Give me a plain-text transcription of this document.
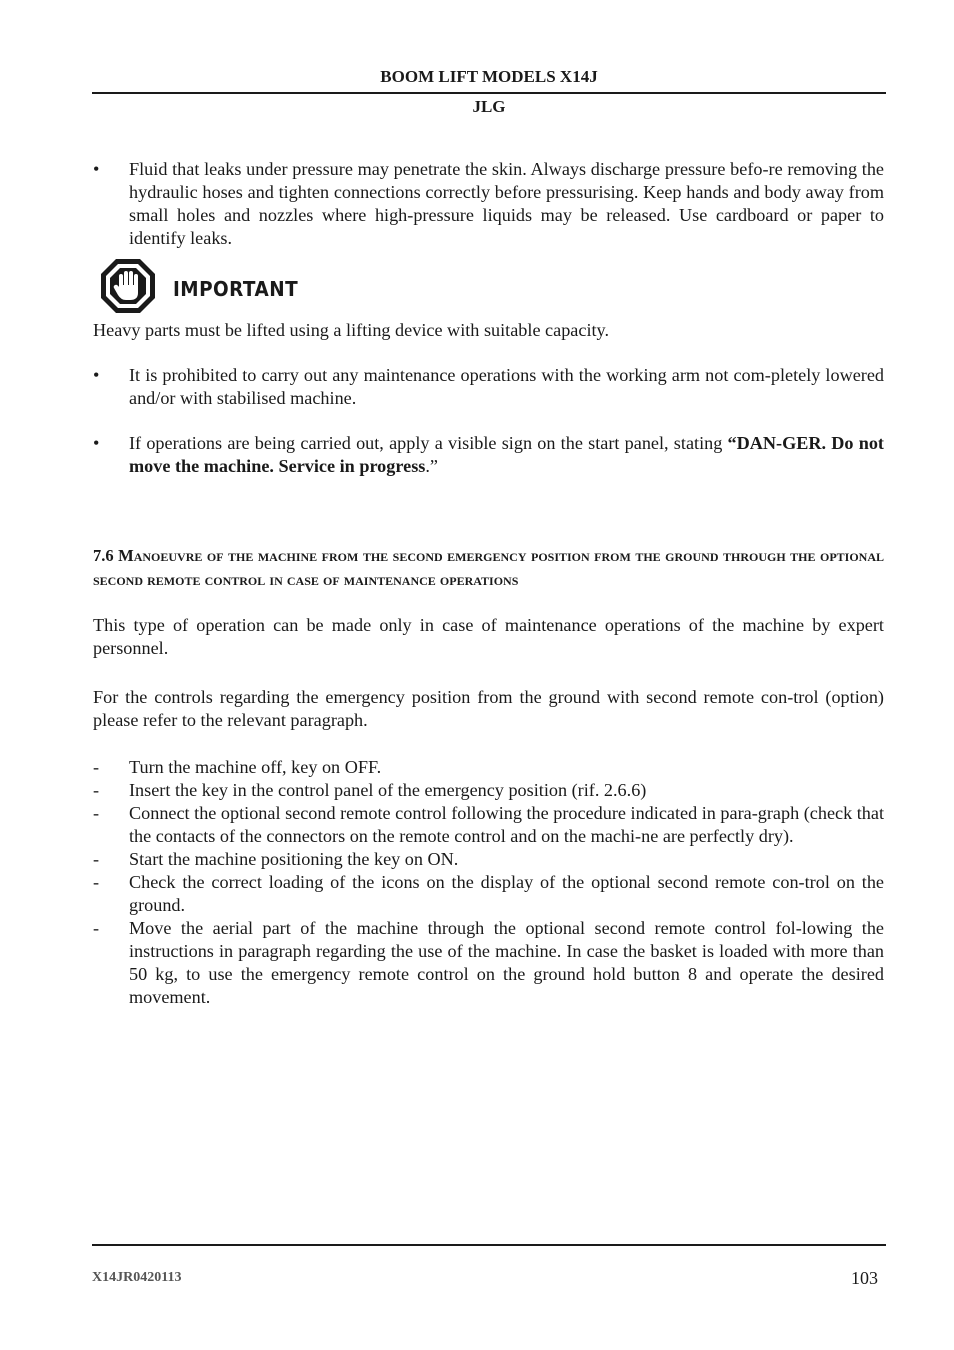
BOOM LIFT MODELS X14J
JLG
•	Fluid that leaks under pressure may penetrate the skin. Always discharge pressure befo-re removing the hydraulic hoses and tighten connections correctly before pressurising. Keep hands and body away from small holes and nozzles where high-pressure liquids may be released. Use cardboard or paper to identify leaks.
IMPORTANT

Heavy parts must be lifted using a lifting device with suitable capacity.

•	It is prohibited to carry out any maintenance operations with the working arm not com-pletely lowered and/or with stabilised machine.
•	If operations are being carried out, apply a visible sign on the start panel, stating “DAN-GER. Do not move the machine. Service in progress.”
7.6 Manoeuvre of the machine from the second emergency position from the ground through the optional second remote control in case of maintenance operations

This type of operation can be made only in case of maintenance operations of the machine by expert personnel.

For the controls regarding the emergency position from the ground with second remote con-trol (option) please refer to the relevant paragraph.

-	Turn the machine off, key on OFF.
-	Insert the key in the control panel of the emergency position (rif. 2.6.6)
-	Connect the optional second remote control following the procedure indicated in para-graph (check that the contacts of the connectors on the remote control and on the machi-ne are perfectly dry).
-	Start the machine positioning the key on ON.
-	Check the correct loading of the icons on the display of the optional second remote con-trol on the ground.
-	Move the aerial part of the machine through the optional second remote control fol-lowing the instructions in paragraph regarding the use of the machine. In case the basket is loaded with more than 50 kg, to use the emergency remote control on the ground hold button 8 and operate the desired movement.
X14JR0420113	103
